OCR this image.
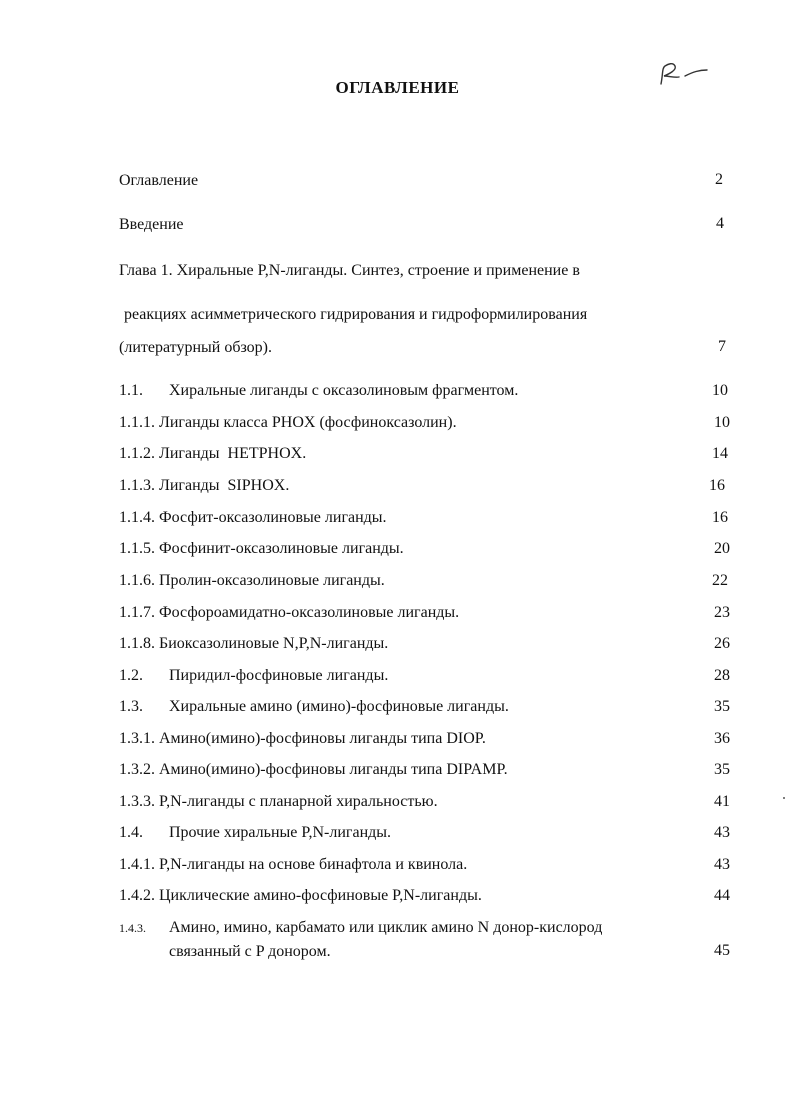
ОГЛАВЛЕНИЕ
Оглавление	2
Введение	4
Глава 1. Хиральные P,N-лиганды. Синтез, строение и применение в
реакциях асимметрического гидрирования и гидроформилирования
(литературный обзор).	7
1.1. Хиральные лиганды с оксазолиновым фрагментом.	10
1.1.1. Лиганды класса PHOX (фосфиноксазолин).	10
1.1.2. Лиганды  HETPHOX.	14
1.1.3. Лиганды  SIPHOX.	16
1.1.4. Фосфит-оксазолиновые лиганды.	16
1.1.5. Фосфинит-оксазолиновые лиганды.	20
1.1.6. Пролин-оксазолиновые лиганды.	22
1.1.7. Фосфороамидатно-оксазолиновые лиганды.	23
1.1.8. Биоксазолиновые N,P,N-лиганды.	26
1.2. Пиридил-фосфиновые лиганды.	28
1.3. Хиральные амино (имино)-фосфиновые лиганды.	35
1.3.1. Амино(имино)-фосфиновы лиганды типа DIOP.	36
1.3.2. Амино(имино)-фосфиновы лиганды типа DIPAMP.	35
1.3.3. P,N-лиганды с планарной хиральностью.	41
1.4. Прочие хиральные P,N-лиганды.	43
1.4.1. P,N-лиганды на основе бинафтола и квинола.	43
1.4.2. Циклические амино-фосфиновые P,N-лиганды.	44
1.4.3. Амино, имино, карбамато или циклик амино N донор-кислород
связанный с P донором.	45
